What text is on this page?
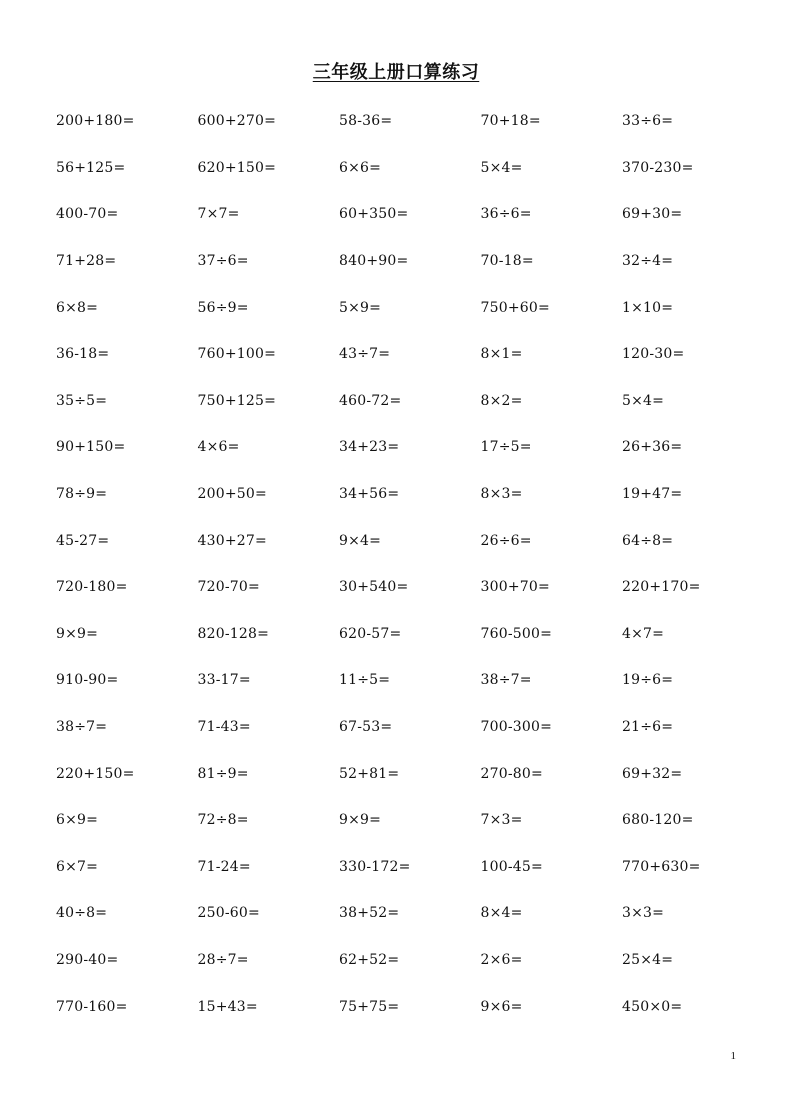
三年级上册口算练习
200+180=	600+270=	58-36=	70+18=	33÷6=
56+125=	620+150=	6×6=	5×4=	370-230=
400-70=	7×7=	60+350=	36÷6=	69+30=
71+28=	37÷6=	840+90=	70-18=	32÷4=
6×8=	56÷9=	5×9=	750+60=	1×10=
36-18=	760+100=	43÷7=	8×1=	120-30=
35÷5=	750+125=	460-72=	8×2=	5×4=
90+150=	4×6=	34+23=	17÷5=	26+36=
78÷9=	200+50=	34+56=	8×3=	19+47=
45-27=	430+27=	9×4=	26÷6=	64÷8=
720-180=	720-70=	30+540=	300+70=	220+170=
9×9=	820-128=	620-57=	760-500=	4×7=
910-90=	33-17=	11÷5=	38÷7=	19÷6=
38÷7=	71-43=	67-53=	700-300=	21÷6=
220+150=	81÷9=	52+81=	270-80=	69+32=
6×9=	72÷8=	9×9=	7×3=	680-120=
6×7=	71-24=	330-172=	100-45=	770+630=
40÷8=	250-60=	38+52=	8×4=	3×3=
290-40=	28÷7=	62+52=	2×6=	25×4=
770-160=	15+43=	75+75=	9×6=	450×0=
1
